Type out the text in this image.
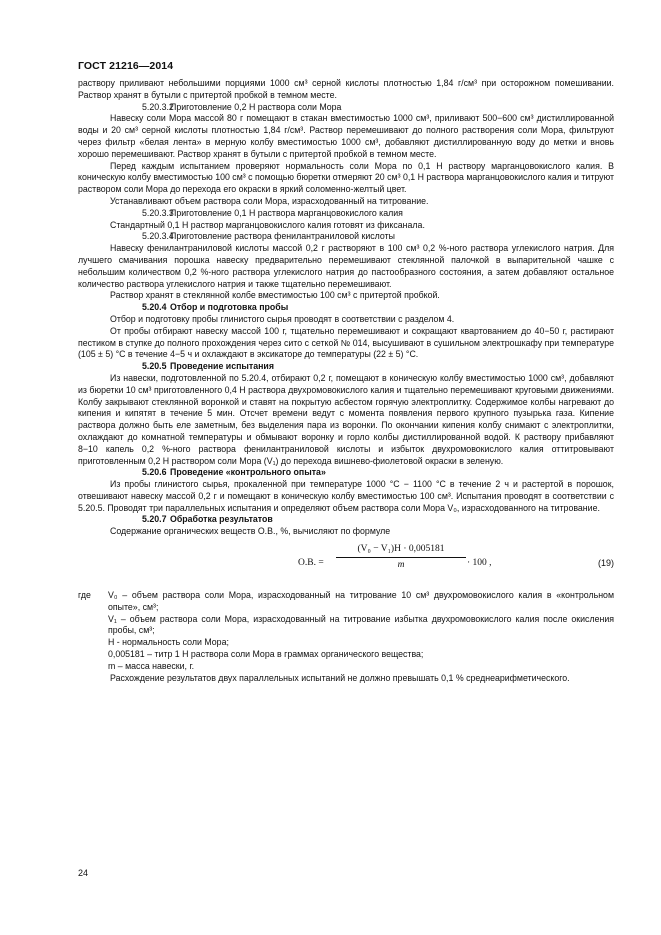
ГОСТ 21216—2014

раствору приливают небольшими порциями 1000 см³ серной кислоты плотностью 1,84 г/см³ при осторожном помешивании. Раствор хранят в бутыли с притертой пробкой в темном месте.

5.20.3.2Приготовление 0,2 Н раствора соли Мора

Навеску соли Мора массой 80 г помещают в стакан вместимостью 1000 см³, приливают 500−600 см³ дистиллированной воды и 20 см³ серной кислоты плотностью 1,84 г/см³. Раствор перемешивают до полного растворения соли Мора, фильтруют через фильтр «белая лента» в мерную колбу вместимостью 1000 см³, добавляют дистиллированную воду до метки и вновь хорошо перемешивают. Раствор хранят в бутыли с притертой пробкой в темном месте.

Перед каждым испытанием проверяют нормальность соли Мора по 0,1 Н раствору марганцовокислого калия. В коническую колбу вместимостью 100 см³ с помощью бюретки отмеряют 20 см³ 0,1 Н раствора марганцовокислого калия и титруют раствором соли Мора до перехода его окраски в яркий соломенно-желтый цвет.

Устанавливают объем раствора соли Мора, израсходованный на титрование.

5.20.3.3Приготовление 0,1 Н раствора марганцовокислого калия

Стандартный 0,1 Н раствор марганцовокислого калия готовят из фиксанала.

5.20.3.4Приготовление раствора фенилантраниловой кислоты

Навеску фенилантраниловой кислоты массой 0,2 г растворяют в 100 см³ 0,2 %-ного раствора углекислого натрия. Для лучшего смачивания порошка навеску предварительно перемешивают стеклянной палочкой в выпарительной чашке с небольшим количеством 0,2 %-ного раствора углекислого натрия до пастообразного состояния, а затем добавляют остальное количество раствора углекислого натрия и также тщательно перемешивают.

Раствор хранят в стеклянной колбе вместимостью 100 см³ с притертой пробкой.

5.20.4 Отбор и подготовка пробы

Отбор и подготовку пробы глинистого сырья проводят в соответствии с разделом 4.

От пробы отбирают навеску массой 100 г, тщательно перемешивают и сокращают квартованием до 40−50 г, растирают пестиком в ступке до полного прохождения через сито с сеткой № 014, высушивают в сушильном электрошкафу при температуре (105 ± 5) °С в течение 4−5 ч и охлаждают в эксикаторе до температуры (22 ± 5) °С.

5.20.5 Проведение испытания

Из навески, подготовленной по 5.20.4, отбирают 0,2 г, помещают в коническую колбу вместимостью 1000 см³, добавляют из бюретки 10 см³ приготовленного 0,4 Н раствора двухромовокислого калия и тщательно перемешивают круговыми движениями. Колбу закрывают стеклянной воронкой и ставят на покрытую асбестом горячую электроплитку. Содержимое колбы нагревают до кипения и кипятят в течение 5 мин. Отсчет времени ведут с момента появления первого крупного пузырька газа. Кипение раствора должно быть еле заметным, без выделения пара из воронки. По окончании кипения колбу снимают с электроплитки, охлаждают до комнатной температуры и обмывают воронку и горло колбы дистиллированной водой. К раствору прибавляют 8−10 капель 0,2 %-ного раствора фенилантраниловой кислоты и избыток двухромовокислого калия оттитровывают приготовленным 0,2 Н раствором соли Мора (V₁) до перехода вишнево-фиолетовой окраски в зеленую.

5.20.6 Проведение «контрольного опыта»

Из пробы глинистого сырья, прокаленной при температуре 1000 °С − 1100 °С в течение 2 ч и растертой в порошок, отвешивают навеску массой 0,2 г и помещают в коническую колбу вместимостью 100 см³. Испытания проводят в соответствии с 5.20.5. Проводят три параллельных испытания и определяют объем раствора соли Мора V₀, израсходованного на титрование.

5.20.7 Обработка результатов

Содержание органических веществ О.В., %, вычисляют по формуле

О.В. =
(V₀ − V₁)Н · 0,005181
m	· 100 ,	(19)
где V₀ – объем раствора соли Мора, израсходованный на титрование 10 см³ двухромовокислого калия в «контрольном опыте», см³;

V₁ – объем раствора соли Мора, израсходованный на титрование избытка двухромовокислого калия после окисления пробы, см³;

Н - нормальность соли Мора;

0,005181 – титр 1 Н раствора соли Мора в граммах органического вещества;

m – масса навески, г.

Расхождение результатов двух параллельных испытаний не должно превышать 0,1 % среднеарифметического.

24
